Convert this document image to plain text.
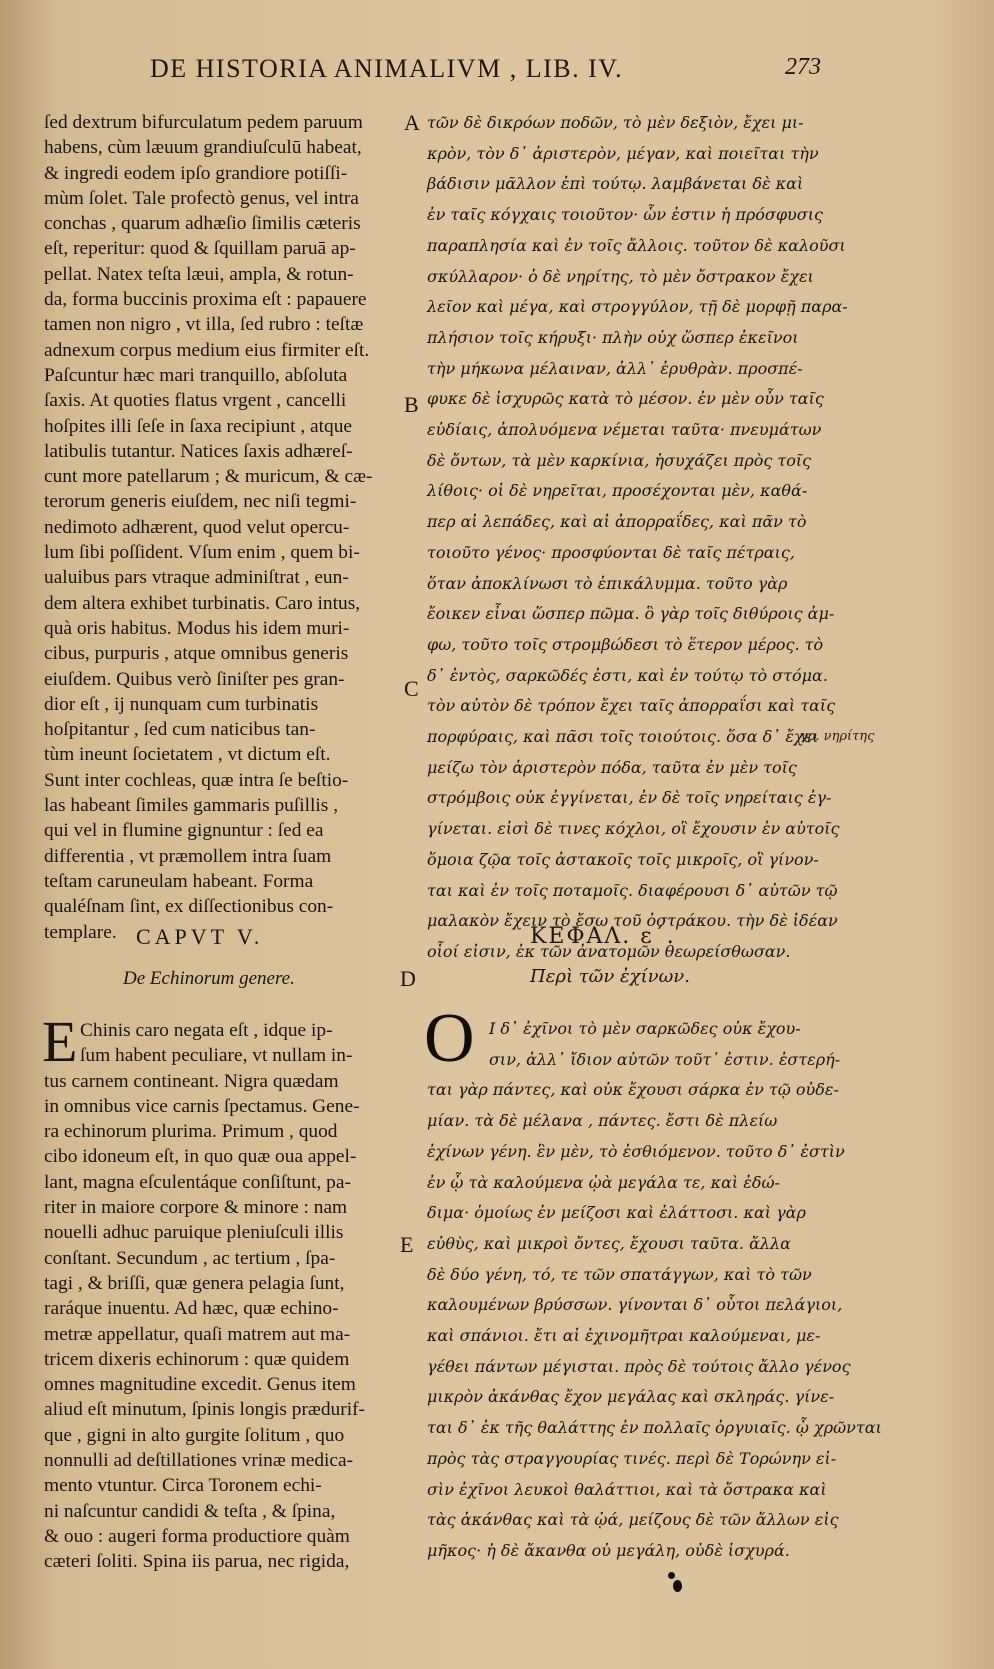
DE HISTORIA ANIMALIVM , LIB. IV.	273
ſed dextrum bifurculatum pedem paruum
habens, cùm læuum grandiuſculū habeat,
& ingredi eodem ipſo grandiore potiſſi-
mùm ſolet. Tale profectò genus, vel intra
conchas , quarum adhæſio ſimilis cæteris
eſt, reperitur: quod & ſquillam paruā ap-
pellat. Natex teſta læui, ampla, & rotun-
da, forma buccinis proxima eſt : papauere
tamen non nigro , vt illa, ſed rubro : teſtæ
adnexum corpus medium eius firmiter eſt.
Paſcuntur hæc mari tranquillo, abſoluta
ſaxis. At quoties flatus vrgent , cancelli
hoſpites illi ſeſe in ſaxa recipiunt , atque
latibulis tutantur. Natices ſaxis adhæreſ-
cunt more patellarum ; & muricum, & cæ-
terorum generis eiuſdem, nec niſi tegmi-
nedimoto adhærent, quod velut opercu-
lum ſibi poſſident. Vſum enim , quem bi-
ualuibus pars vtraque adminiſtrat , eun-
dem altera exhibet turbinatis. Caro intus,
quà oris habitus. Modus his idem muri-
cibus, purpuris , atque omnibus generis
eiuſdem. Quibus verò ſiniſter pes gran-
dior eſt , ij nunquam cum turbinatis
hoſpitantur , ſed cum naticibus tan-
tùm ineunt ſocietatem , vt dictum eſt.
Sunt inter cochleas, quæ intra ſe beſtio-
las habeant ſimiles gammaris puſillis ,
qui vel in flumine gignuntur : ſed ea
differentia , vt præmollem intra ſuam
teſtam caruneulam habeant. Forma
qualéſnam ſint, ex diſſectionibus con-
templare.
τῶν δὲ δικρόων ποδῶν, τὸ μὲν δεξιὸν, ἔχει μι-
κρὸν, τὸν δ᾽ ἀριστερὸν, μέγαν, καὶ ποιεῖται τὴν
βάδισιν μᾶλλον ἐπὶ τούτῳ. λαμβάνεται δὲ καὶ
ἐν ταῖς κόγχαις τοιοῦτον· ὧν ἐστιν ἡ πρόσφυσις
παραπλησία καὶ ἐν τοῖς ἄλλοις. τοῦτον δὲ καλοῦσι
σκύλλαρον· ὁ δὲ νηρίτης, τὸ μὲν ὄστρακον ἔχει
λεῖον καὶ μέγα, καὶ στρογγύλον, τῇ δὲ μορφῇ παρα-
πλήσιον τοῖς κήρυξι· πλὴν οὐχ ὥσπερ ἐκεῖνοι
τὴν μήκωνα μέλαιναν, ἀλλ᾽ ἐρυθρὰν. προσπέ-
φυκε δὲ ἰσχυρῶς κατὰ τὸ μέσον. ἐν μὲν οὖν ταῖς
εὐδίαις, ἀπολυόμενα νέμεται ταῦτα· πνευμάτων
δὲ ὄντων, τὰ μὲν καρκίνια, ἡσυχάζει πρὸς τοῖς
λίθοις· οἱ δὲ νηρεῖται, προσέχονται μὲν, καθά-
περ αἱ λεπάδες, καὶ αἱ ἀπορραΐδες, καὶ πᾶν τὸ
τοιοῦτο γένος· προσφύονται δὲ ταῖς πέτραις,
ὅταν ἀποκλίνωσι τὸ ἐπικάλυμμα. τοῦτο γὰρ
ἔοικεν εἶναι ὥσπερ πῶμα. ὃ γὰρ τοῖς διθύροις ἀμ-
φω, τοῦτο τοῖς στρομβώδεσι τὸ ἕτερον μέρος. τὸ
δ᾽ ἐντὸς, σαρκῶδές ἐστι, καὶ ἐν τούτῳ τὸ στόμα.
τὸν αὐτὸν δὲ τρόπον ἔχει ταῖς ἀπορραΐσι καὶ ταῖς
πορφύραις, καὶ πᾶσι τοῖς τοιούτοις. ὅσα δ᾽ ἔχει
μείζω τὸν ἀριστερὸν πόδα, ταῦτα ἐν μὲν τοῖς
στρόμβοις οὐκ ἐγγίνεται, ἐν δὲ τοῖς νηρείταις ἐγ-
γίνεται. εἰσὶ δὲ τινες κόχλοι, οἳ ἔχουσιν ἐν αὑτοῖς
ὅμοια ζῷα τοῖς ἀστακοῖς τοῖς μικροῖς, οἳ γίνον-
ται καὶ ἐν τοῖς ποταμοῖς. διαφέρουσι δ᾽ αὐτῶν τῷ
μαλακὸν ἔχειν τὸ ἔσω τοῦ ὀστράκου. τὴν δὲ ἰδέαν
οἷοί εἰσιν, ἐκ τῶν ἀνατομῶν θεωρείσθωσαν.
A
B
C
D
E
γρ. νηρίτης
CAPVT V.	ΚΕΦΑΛ. ε΄.
De Echinorum genere.	Περὶ τῶν ἐχίνων.
E Chinis caro negata eſt , idque ip-
ſum habent peculiare, vt nullam in-
tus carnem contineant. Nigra quædam
in omnibus vice carnis ſpectamus. Gene-
ra echinorum plurima. Primum , quod
cibo idoneum eſt, in quo quæ oua appel-
lant, magna eſculentáque conſiſtunt, pa-
riter in maiore corpore & minore : nam
nouelli adhuc paruique pleniuſculi illis
conſtant. Secundum , ac tertium , ſpa-
tagi , & briſſi, quæ genera pelagia ſunt,
raráque inuentu. Ad hæc, quæ echino-
metræ appellatur, quaſi matrem aut ma-
tricem dixeris echinorum : quæ quidem
omnes magnitudine excedit. Genus item
aliud eſt minutum, ſpinis longis prædurif-
que , gigni in alto gurgite ſolitum , quo
nonnulli ad deſtillationes vrinæ medica-
mento vtuntur. Circa Toronem echi-
ni naſcuntur candidi & teſta , & ſpina,
& ouo : augeri forma productiore quàm
cæteri ſoliti. Spina iis parua, nec rigida,
Ο Ι δ᾽ ἐχῖνοι τὸ μὲν σαρκῶδες οὐκ ἔχου-
σιν, ἀλλ᾽ ἴδιον αὐτῶν τοῦτ᾽ ἐστιν. ἐστερή-
ται γὰρ πάντες, καὶ οὐκ ἔχουσι σάρκα ἐν τῷ οὐδε-
μίαν. τὰ δὲ μέλανα , πάντες. ἔστι δὲ πλείω
ἐχίνων γένη. ἓν μὲν, τὸ ἐσθιόμενον. τοῦτο δ᾽ ἐστὶν
ἐν ᾧ τὰ καλούμενα ᾠὰ μεγάλα τε, καὶ ἐδώ-
διμα· ὁμοίως ἐν μείζοσι καὶ ἐλάττοσι. καὶ γὰρ
εὐθὺς, καὶ μικροὶ ὄντες, ἔχουσι ταῦτα. ἄλλα
δὲ δύο γένη, τό, τε τῶν σπατάγγων, καὶ τὸ τῶν
καλουμένων βρύσσων. γίνονται δ᾽ οὗτοι πελάγιοι,
καὶ σπάνιοι. ἔτι αἱ ἐχινομῆτραι καλούμεναι, με-
γέθει πάντων μέγισται. πρὸς δὲ τούτοις ἄλλο γένος
μικρὸν ἀκάνθας ἔχον μεγάλας καὶ σκληράς. γίνε-
ται δ᾽ ἐκ τῆς θαλάττης ἐν πολλαῖς ὀργυιαῖς. ᾧ χρῶνται
πρὸς τὰς στραγγουρίας τινές. περὶ δὲ Τορώνην εἰ-
σὶν ἐχῖνοι λευκοὶ θαλάττιοι, καὶ τὰ ὄστρακα καὶ
τὰς ἀκάνθας καὶ τὰ ᾠά, μείζους δὲ τῶν ἄλλων εἰς
μῆκος· ἡ δὲ ἄκανθα οὐ μεγάλη, οὐδὲ ἰσχυρά.
